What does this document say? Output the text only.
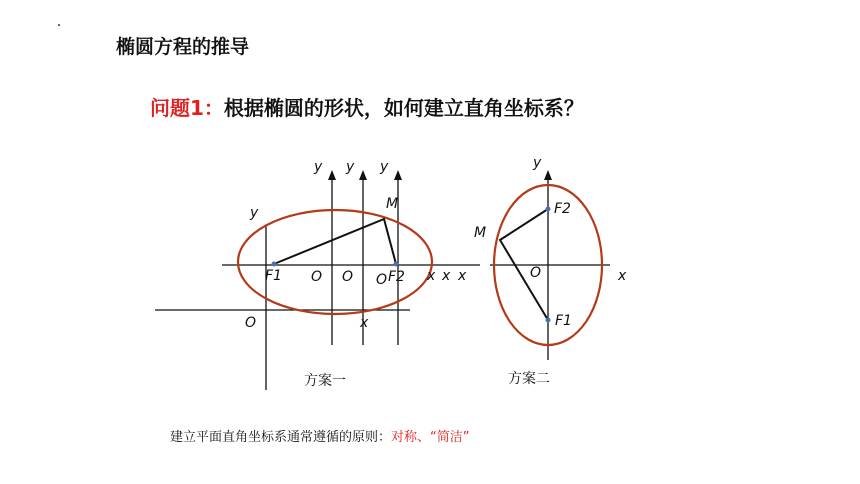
椭圆方程的推导
问题1：根据椭圆的形状，如何建立直角坐标系？
y y y
y
M
F1 O O O F2 x x x
O	x
方案一
y
F2
M
O	x
F1
方案二
建立平面直角坐标系通常遵循的原则：对称、“简洁”
